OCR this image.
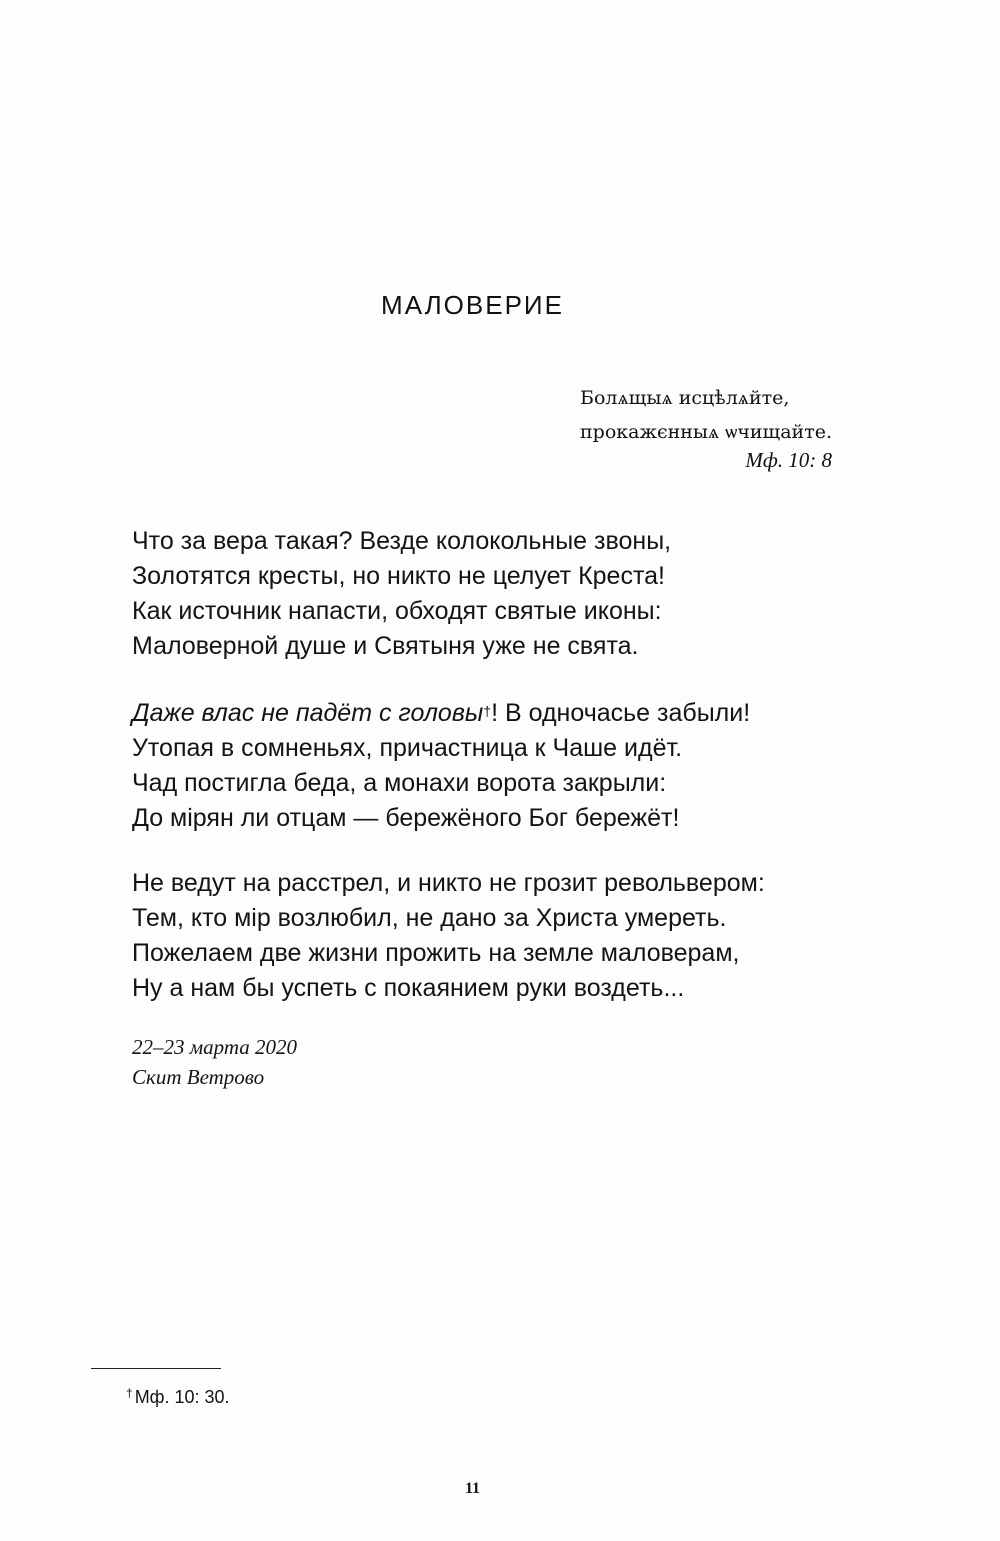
МАЛОВЕРИЕ
Болѧщыѧ исцѣлѧйте,
прокажєнныѧ ѡчищайте.
Мф. 10: 8
Что за вера такая? Везде колокольные звоны,
Золотятся кресты, но никто не целует Креста!
Как источник напасти, обходят святые иконы:
Маловерной душе и Святыня уже не свята.
Даже влас не падёт с головы†! В одночасье забыли!
Утопая в сомненьях, причастница к Чаше идёт.
Чад постигла беда, а монахи ворота закрыли:
До мірян ли отцам — бережёного Бог бережёт!
Не ведут на расстрел, и никто не грозит револьвером:
Тем, кто мір возлюбил, не дано за Христа умереть.
Пожелаем две жизни прожить на земле маловерам,
Ну а нам бы успеть с покаянием руки воздеть...
22–23 марта 2020
Скит Ветрово
† Мф. 10: 30.
11
